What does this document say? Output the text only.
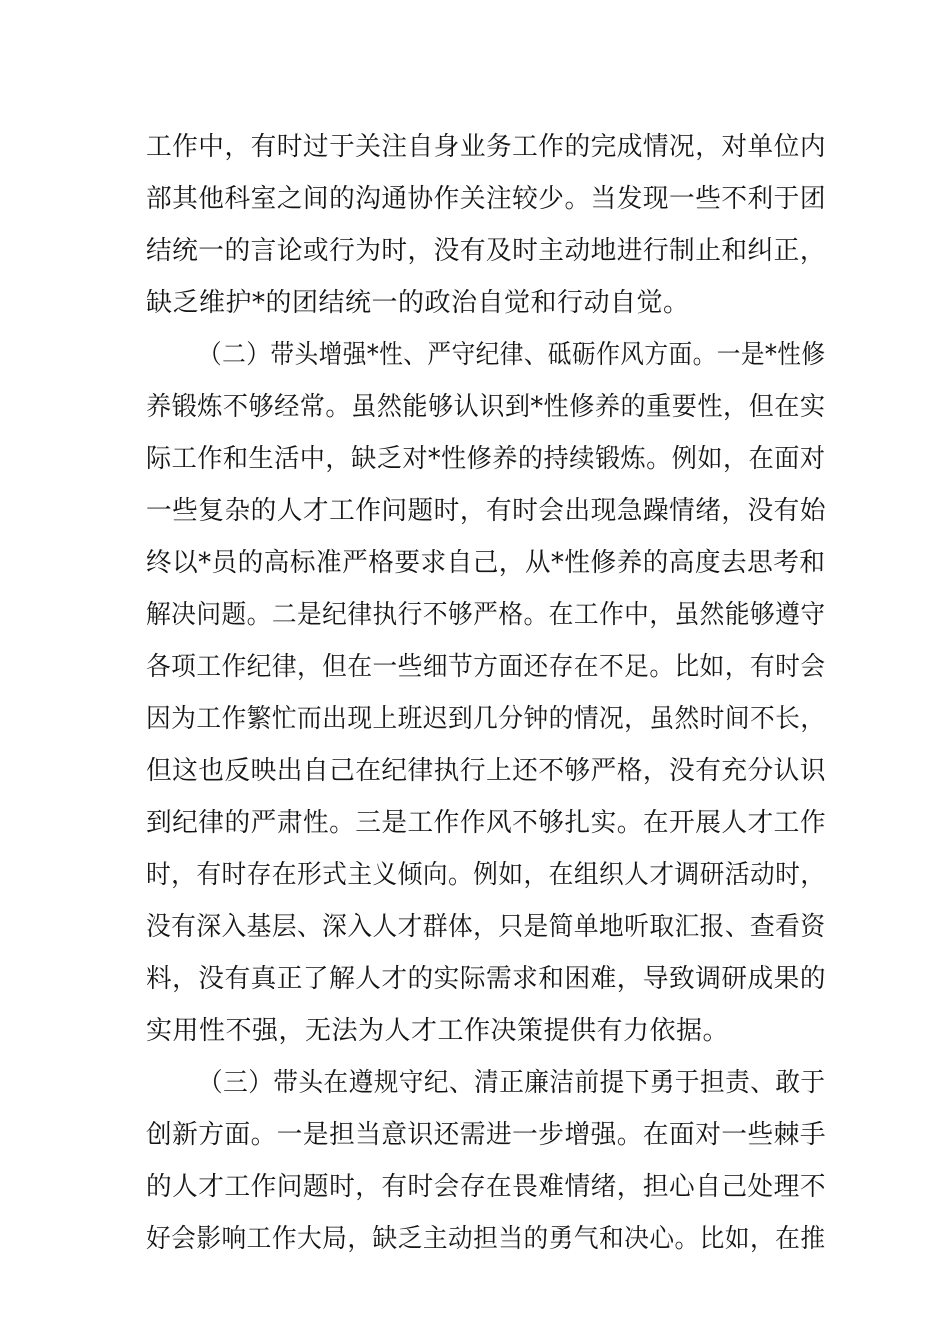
工作中，有时过于关注自身业务工作的完成情况，对单位内
部其他科室之间的沟通协作关注较少。当发现一些不利于团
结统一的言论或行为时，没有及时主动地进行制止和纠正，
缺乏维护*的团结统一的政治自觉和行动自觉。
（二）带头增强*性、严守纪律、砥砺作风方面。一是*性修
养锻炼不够经常。虽然能够认识到*性修养的重要性，但在实
际工作和生活中，缺乏对*性修养的持续锻炼。例如，在面对
一些复杂的人才工作问题时，有时会出现急躁情绪，没有始
终以*员的高标准严格要求自己，从*性修养的高度去思考和
解决问题。二是纪律执行不够严格。在工作中，虽然能够遵守
各项工作纪律，但在一些细节方面还存在不足。比如，有时会
因为工作繁忙而出现上班迟到几分钟的情况，虽然时间不长，
但这也反映出自己在纪律执行上还不够严格，没有充分认识
到纪律的严肃性。三是工作作风不够扎实。在开展人才工作
时，有时存在形式主义倾向。例如，在组织人才调研活动时，
没有深入基层、深入人才群体，只是简单地听取汇报、查看资
料，没有真正了解人才的实际需求和困难，导致调研成果的
实用性不强，无法为人才工作决策提供有力依据。
（三）带头在遵规守纪、清正廉洁前提下勇于担责、敢于
创新方面。一是担当意识还需进一步增强。在面对一些棘手
的人才工作问题时，有时会存在畏难情绪，担心自己处理不
好会影响工作大局，缺乏主动担当的勇气和决心。比如，在推
